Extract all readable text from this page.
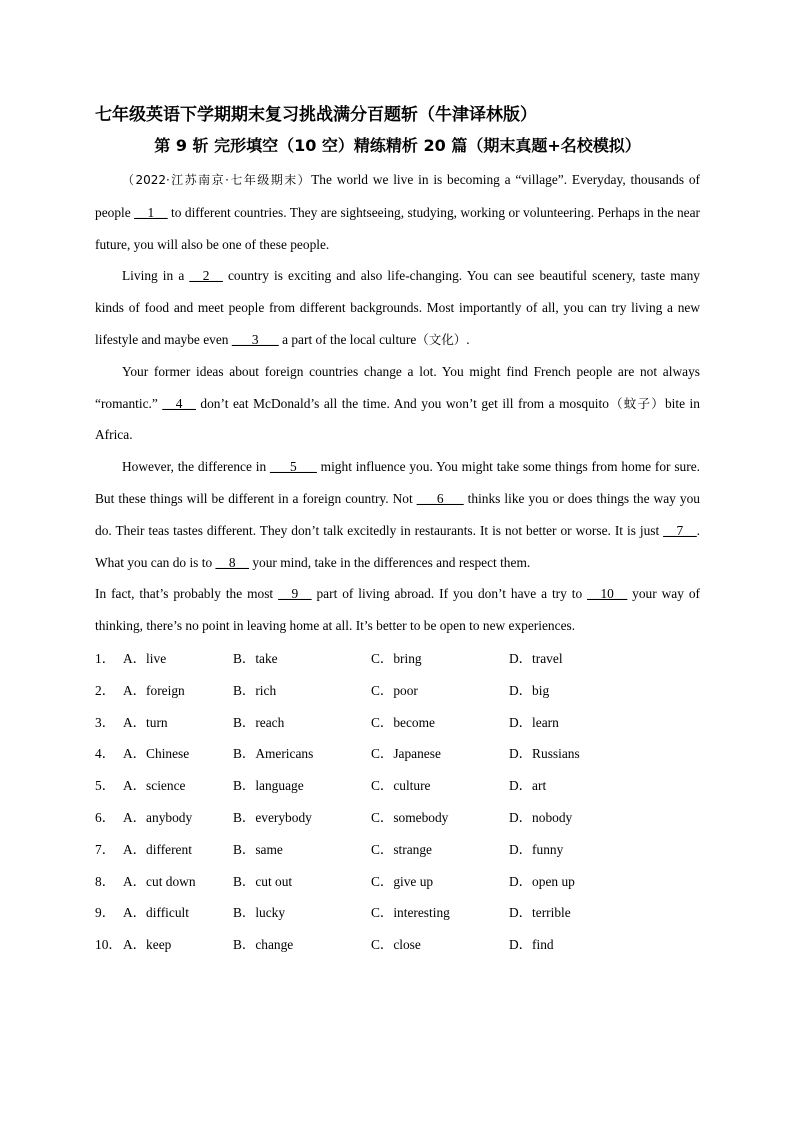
七年级英语下学期期末复习挑战满分百题斩（牛津译林版）
第 9 斩 完形填空（10 空）精练精析 20 篇（期末真题+名校模拟）

（2022·江苏南京·七年级期末）The world we live in is becoming a “village”. Everyday, thousands of people __1__ to different countries. They are sightseeing, studying, working or volunteering. Perhaps in the near future, you will also be one of these people.

Living in a __2__ country is exciting and also life-changing. You can see beautiful scenery, taste many kinds of food and meet people from different backgrounds. Most importantly of all, you can try living a new lifestyle and maybe even ___3___ a part of the local culture（文化）.

Your former ideas about foreign countries change a lot. You might find French people are not always “romantic.” __4__ don’t eat McDonald’s all the time. And you won’t get ill from a mosquito（蚊子）bite in Africa.

However, the difference in ___5___ might influence you. You might take some things from home for sure. But these things will be different in a foreign country. Not ___6___ thinks like you or does things the way you do. Their teas tastes different. They don’t talk excitedly in restaurants. It is not better or worse. It is just __7__. What you can do is to __8__ your mind, take in the differences and respect them.

In fact, that’s probably the most __9__ part of living abroad. If you don’t have a try to __10__ your way of thinking, there’s no point in leaving home at all. It’s better to be open to new experiences.

1． A．live	B．take	C．bring	D．travel
2． A．foreign	B．rich	C．poor	D．big
3． A．turn	B．reach	C．become	D．learn
4． A．Chinese	B．Americans	C．Japanese	D．Russians
5． A．science	B．language	C．culture	D．art
6． A．anybody	B．everybody	C．somebody	D．nobody
7． A．different	B．same	C．strange	D．funny
8． A．cut down	B．cut out	C．give up	D．open up
9． A．difficult	B．lucky	C．interesting	D．terrible
10． A．keep	B．change	C．close	D．find
